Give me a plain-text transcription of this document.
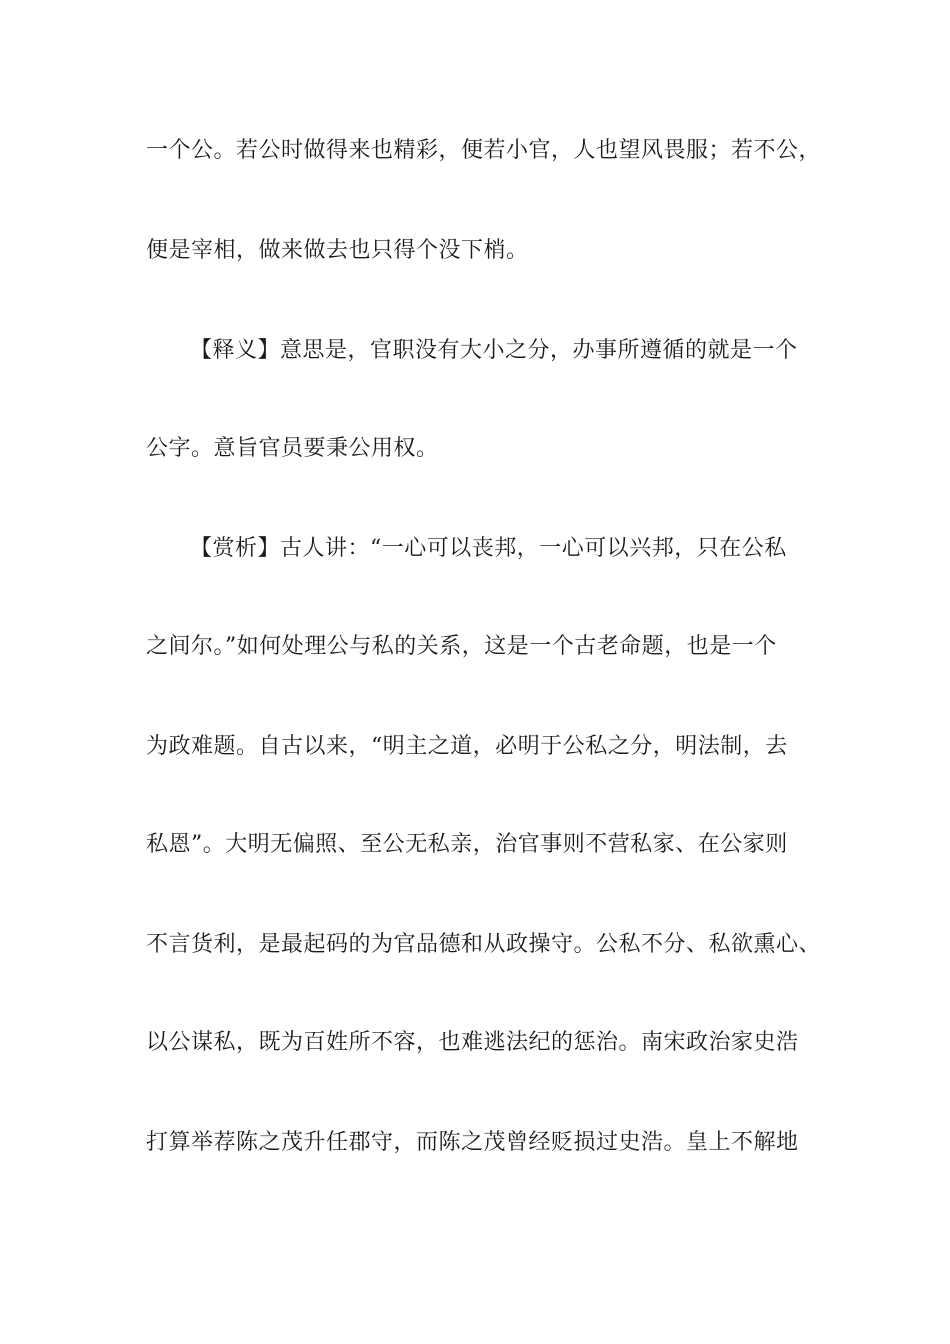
一个公。若公时做得来也精彩，便若小官，人也望风畏服；若不公，
便是宰相，做来做去也只得个没下梢。
【释义】意思是，官职没有大小之分，办事所遵循的就是一个
公字。意旨官员要秉公用权。
【赏析】古人讲：“一心可以丧邦，一心可以兴邦，只在公私
之间尔。”如何处理公与私的关系，这是一个古老命题，也是一个
为政难题。自古以来，“明主之道，必明于公私之分，明法制，去
私恩”。大明无偏照、至公无私亲，治官事则不营私家、在公家则
不言货利，是最起码的为官品德和从政操守。公私不分、私欲熏心、
以公谋私，既为百姓所不容，也难逃法纪的惩治。南宋政治家史浩
打算举荐陈之茂升任郡守，而陈之茂曾经贬损过史浩。皇上不解地
